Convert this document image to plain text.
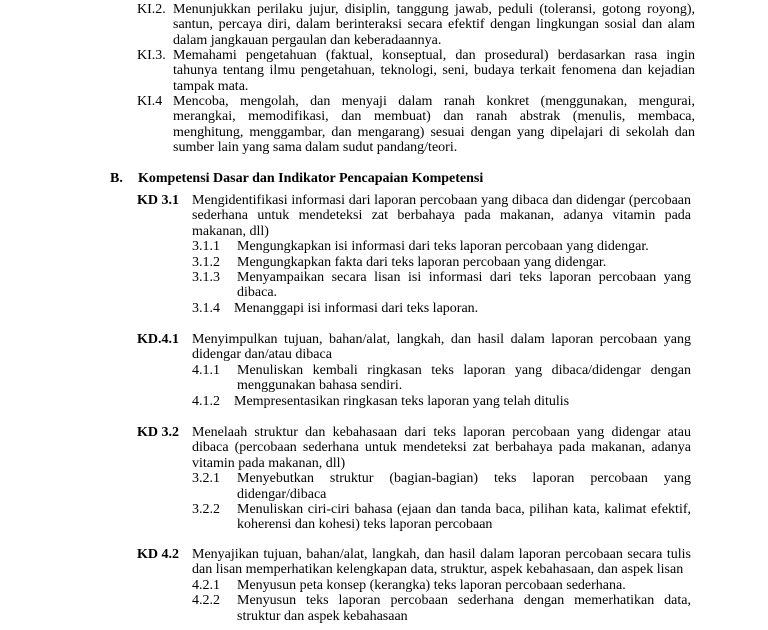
KI.2. Menunjukkan perilaku jujur, disiplin, tanggung jawab, peduli (toleransi, gotong royong), santun, percaya diri, dalam berinteraksi secara efektif dengan lingkungan sosial dan alam dalam jangkauan pergaulan dan keberadaannya.
KI.3. Memahami pengetahuan (faktual, konseptual, dan prosedural) berdasarkan rasa ingin tahunya tentang ilmu pengetahuan, teknologi, seni, budaya terkait fenomena dan kejadian tampak mata.
KI.4 Mencoba, mengolah, dan menyaji dalam ranah konkret (menggunakan, mengurai, merangkai, memodifikasi, dan membuat) dan ranah abstrak (menulis, membaca, menghitung, menggambar, dan mengarang) sesuai dengan yang dipelajari di sekolah dan sumber lain yang sama dalam sudut pandang/teori.
B. Kompetensi Dasar dan Indikator Pencapaian Kompetensi
KD 3.1 Mengidentifikasi informasi dari laporan percobaan yang dibaca dan didengar (percobaan sederhana untuk mendeteksi zat berbahaya pada makanan, adanya vitamin pada makanan, dll)
3.1.1 Mengungkapkan isi informasi dari teks laporan percobaan yang didengar.
3.1.2 Mengungkapkan fakta dari teks laporan percobaan yang didengar.
3.1.3 Menyampaikan secara lisan isi informasi dari teks laporan percobaan yang dibaca.
3.1.4 Menanggapi isi informasi dari teks laporan.
KD.4.1 Menyimpulkan tujuan, bahan/alat, langkah, dan hasil dalam laporan percobaan yang didengar dan/atau dibaca
4.1.1 Menuliskan kembali ringkasan teks laporan yang dibaca/didengar dengan menggunakan bahasa sendiri.
4.1.2 Mempresentasikan ringkasan teks laporan yang telah ditulis
KD 3.2 Menelaah struktur dan kebahasaan dari teks laporan percobaan yang didengar atau dibaca (percobaan sederhana untuk mendeteksi zat berbahaya pada makanan, adanya vitamin pada makanan, dll)
3.2.1 Menyebutkan struktur (bagian-bagian) teks laporan percobaan yang didengar/dibaca
3.2.2 Menuliskan ciri-ciri bahasa (ejaan dan tanda baca, pilihan kata, kalimat efektif, koherensi dan kohesi) teks laporan percobaan
KD 4.2 Menyajikan tujuan, bahan/alat, langkah, dan hasil dalam laporan percobaan secara tulis dan lisan memperhatikan kelengkapan data, struktur, aspek kebahasaan, dan aspek lisan
4.2.1 Menyusun peta konsep (kerangka) teks laporan percobaan sederhana.
4.2.2 Menyusun teks laporan percobaan sederhana dengan memerhatikan data, struktur dan aspek kebahasaan
